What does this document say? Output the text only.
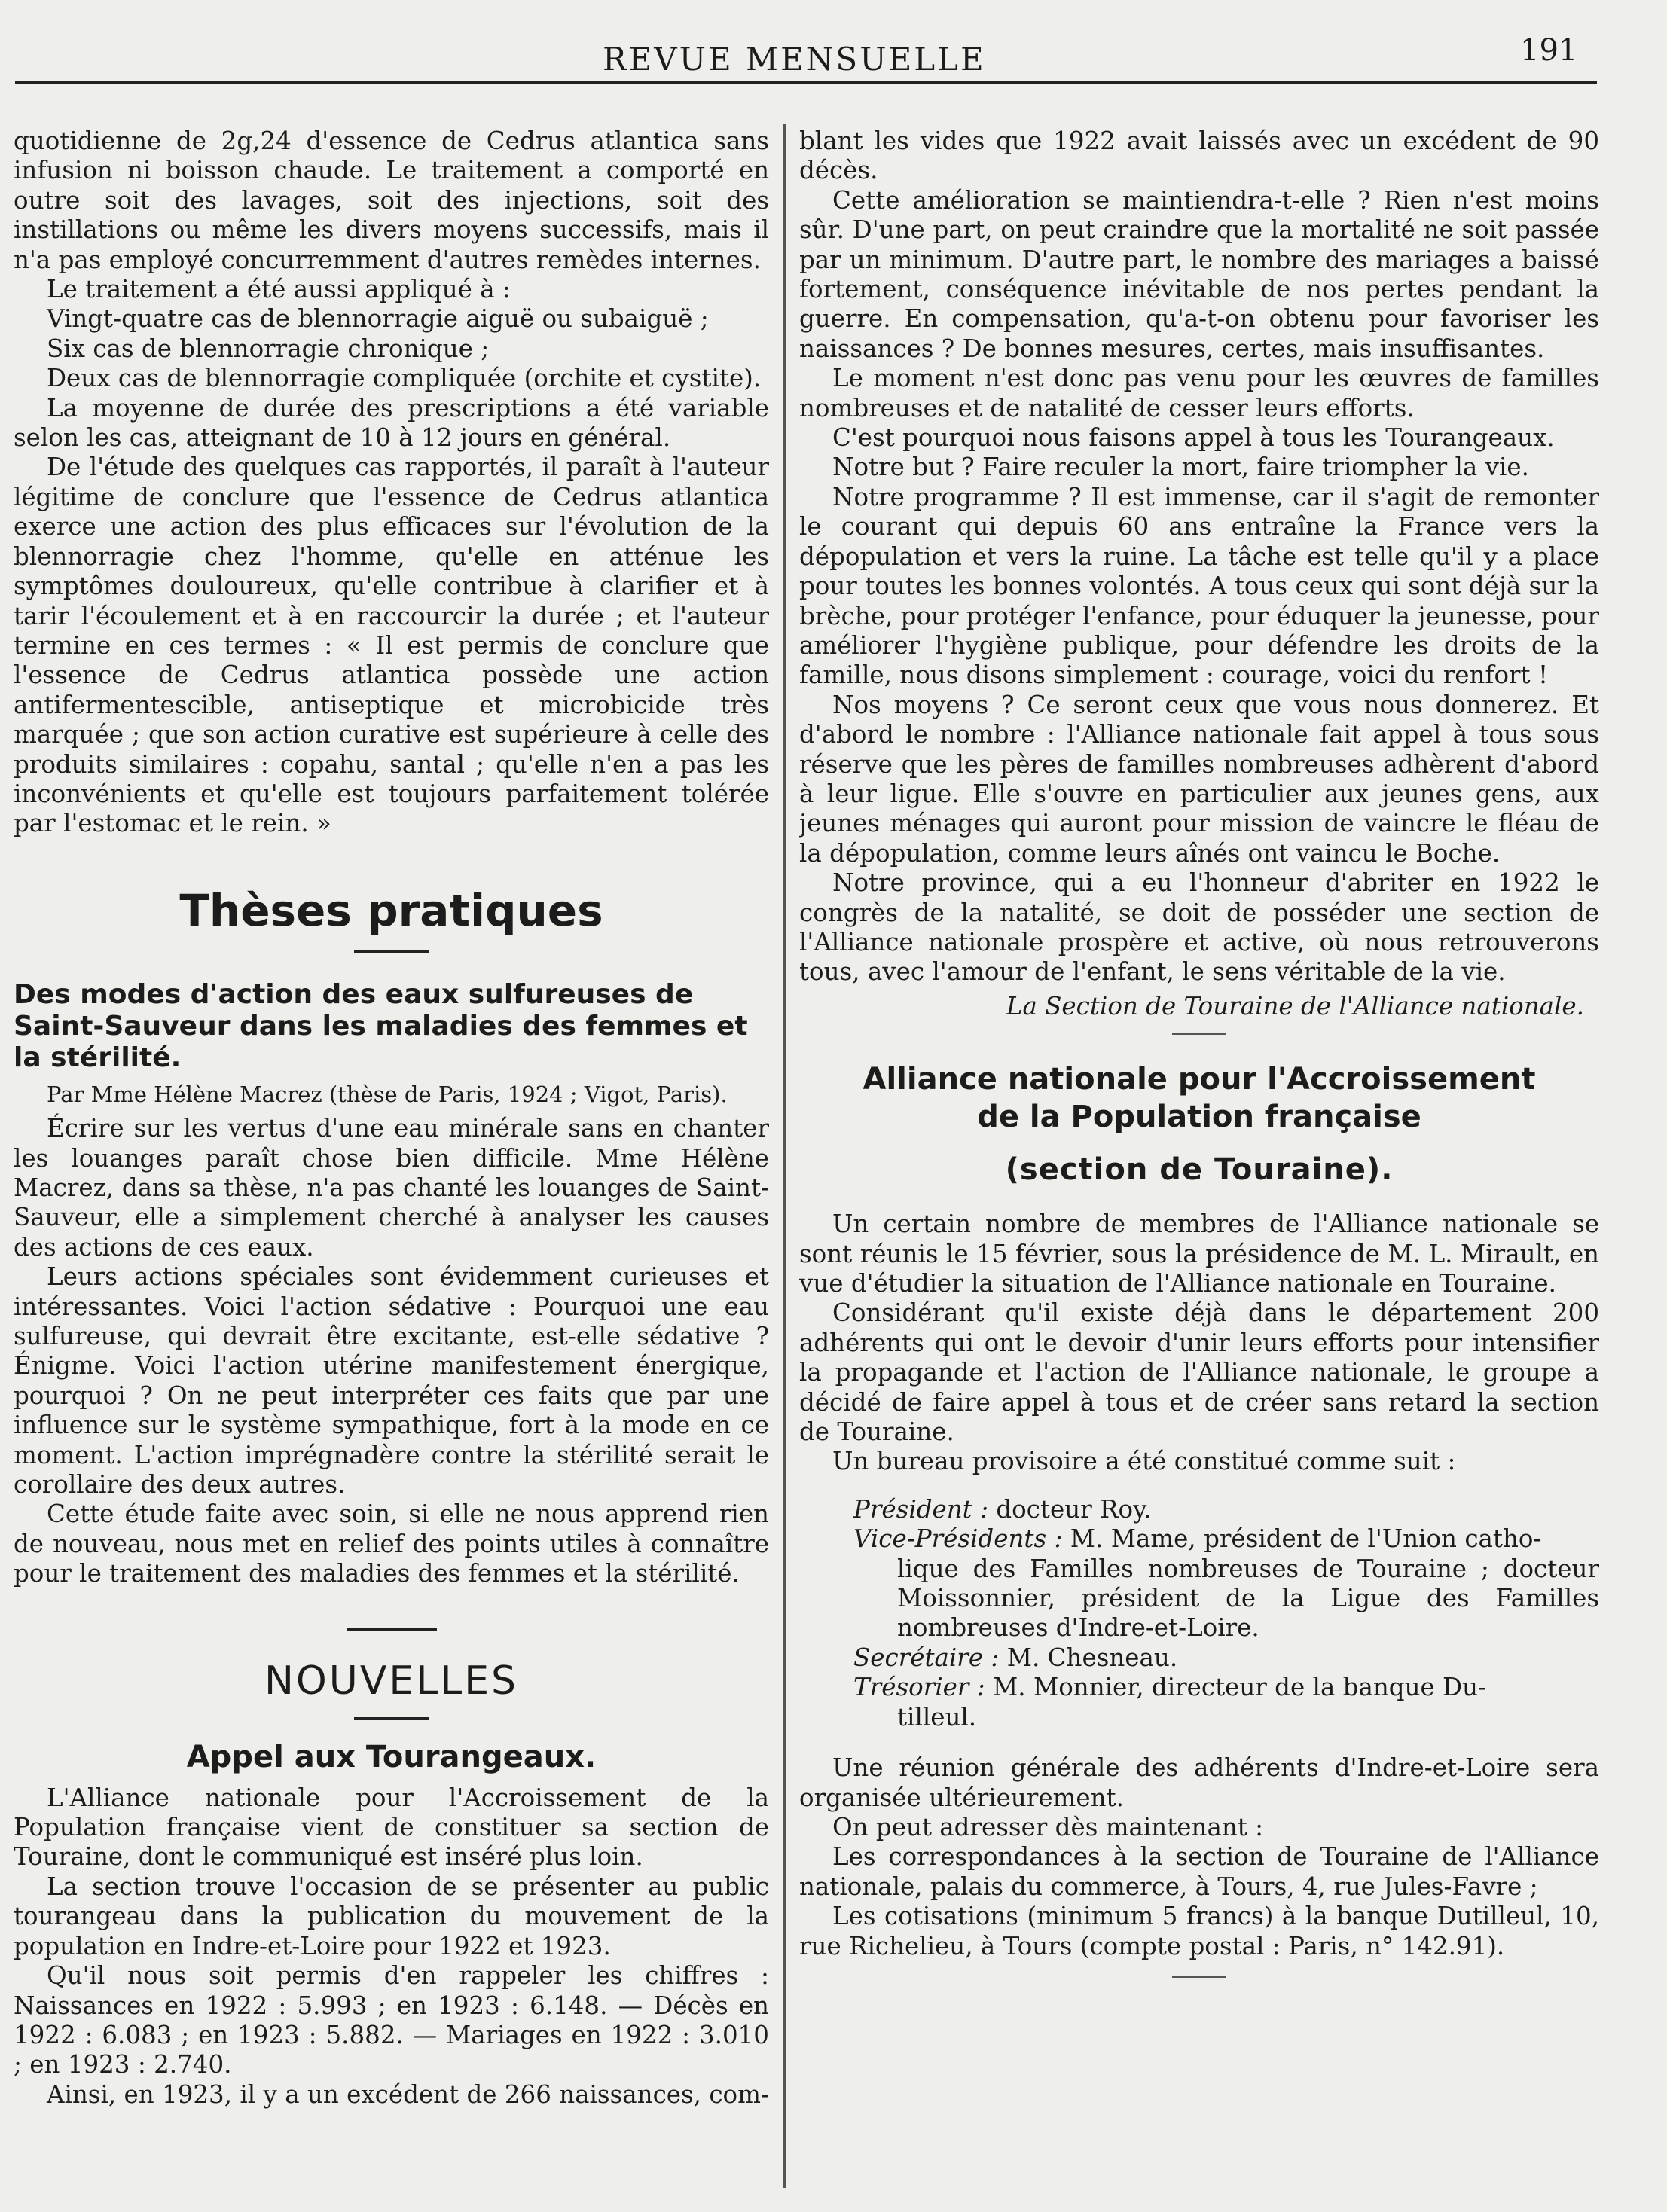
REVUE MENSUELLE	191

quotidienne de 2g,24 d'essence de Cedrus atlantica sans infusion ni boisson chaude. Le traitement a comporté en outre soit des lavages, soit des injections, soit des instillations ou même les divers moyens successifs, mais il n'a pas employé concurremment d'autres remèdes internes.

Le traitement a été aussi appliqué à :

Vingt-quatre cas de blennorragie aiguë ou subaiguë ;

Six cas de blennorragie chronique ;

Deux cas de blennorragie compliquée (orchite et cystite).

La moyenne de durée des prescriptions a été variable selon les cas, atteignant de 10 à 12 jours en général.

De l'étude des quelques cas rapportés, il paraît à l'auteur légitime de conclure que l'essence de Cedrus atlantica exerce une action des plus efficaces sur l'évolution de la blennorragie chez l'homme, qu'elle en atténue les symptômes douloureux, qu'elle contribue à clarifier et à tarir l'écoulement et à en raccourcir la durée ; et l'auteur termine en ces termes : « Il est permis de conclure que l'essence de Cedrus atlantica possède une action antifermentescible, antiseptique et microbicide très marquée ; que son action curative est supérieure à celle des produits similaires : copahu, santal ; qu'elle n'en a pas les inconvénients et qu'elle est toujours parfaitement tolérée par l'estomac et le rein. »

Thèses pratiques

Des modes d'action des eaux sulfureuses de Saint-Sauveur dans les maladies des femmes et la stérilité.

Par Mme Hélène Macrez (thèse de Paris, 1924 ; Vigot, Paris).

Écrire sur les vertus d'une eau minérale sans en chanter les louanges paraît chose bien difficile. Mme Hélène Macrez, dans sa thèse, n'a pas chanté les louanges de Saint-Sauveur, elle a simplement cherché à analyser les causes des actions de ces eaux.

Leurs actions spéciales sont évidemment curieuses et intéressantes. Voici l'action sédative : Pourquoi une eau sulfureuse, qui devrait être excitante, est-elle sédative ? Énigme. Voici l'action utérine manifestement énergique, pourquoi ? On ne peut interpréter ces faits que par une influence sur le système sympathique, fort à la mode en ce moment. L'action imprégnadère contre la stérilité serait le corollaire des deux autres.

Cette étude faite avec soin, si elle ne nous apprend rien de nouveau, nous met en relief des points utiles à connaître pour le traitement des maladies des femmes et la stérilité.

NOUVELLES
Appel aux Tourangeaux.

L'Alliance nationale pour l'Accroissement de la Population française vient de constituer sa section de Touraine, dont le communiqué est inséré plus loin.

La section trouve l'occasion de se présenter au public tourangeau dans la publication du mouvement de la population en Indre-et-Loire pour 1922 et 1923.

Qu'il nous soit permis d'en rappeler les chiffres : Naissances en 1922 : 5.993 ; en 1923 : 6.148. — Décès en 1922 : 6.083 ; en 1923 : 5.882. — Mariages en 1922 : 3.010 ; en 1923 : 2.740.

Ainsi, en 1923, il y a un excédent de 266 naissances, com-

blant les vides que 1922 avait laissés avec un excédent de 90 décès.

Cette amélioration se maintiendra-t-elle ? Rien n'est moins sûr. D'une part, on peut craindre que la mortalité ne soit passée par un minimum. D'autre part, le nombre des mariages a baissé fortement, conséquence inévitable de nos pertes pendant la guerre. En compensation, qu'a-t-on obtenu pour favoriser les naissances ? De bonnes mesures, certes, mais insuffisantes.

Le moment n'est donc pas venu pour les œuvres de familles nombreuses et de natalité de cesser leurs efforts.

C'est pourquoi nous faisons appel à tous les Tourangeaux.

Notre but ? Faire reculer la mort, faire triompher la vie.

Notre programme ? Il est immense, car il s'agit de remonter le courant qui depuis 60 ans entraîne la France vers la dépopulation et vers la ruine. La tâche est telle qu'il y a place pour toutes les bonnes volontés. A tous ceux qui sont déjà sur la brèche, pour protéger l'enfance, pour éduquer la jeunesse, pour améliorer l'hygiène publique, pour défendre les droits de la famille, nous disons simplement : courage, voici du renfort !

Nos moyens ? Ce seront ceux que vous nous donnerez. Et d'abord le nombre : l'Alliance nationale fait appel à tous sous réserve que les pères de familles nombreuses adhèrent d'abord à leur ligue. Elle s'ouvre en particulier aux jeunes gens, aux jeunes ménages qui auront pour mission de vaincre le fléau de la dépopulation, comme leurs aînés ont vaincu le Boche.

Notre province, qui a eu l'honneur d'abriter en 1922 le congrès de la natalité, se doit de posséder une section de l'Alliance nationale prospère et active, où nous retrouverons tous, avec l'amour de l'enfant, le sens véritable de la vie.

La Section de Touraine de l'Alliance nationale.

Alliance nationale pour l'Accroissement
de la Population française
(section de Touraine).

Un certain nombre de membres de l'Alliance nationale se sont réunis le 15 février, sous la présidence de M. L. Mirault, en vue d'étudier la situation de l'Alliance nationale en Touraine.

Considérant qu'il existe déjà dans le département 200 adhérents qui ont le devoir d'unir leurs efforts pour intensifier la propagande et l'action de l'Alliance nationale, le groupe a décidé de faire appel à tous et de créer sans retard la section de Touraine.

Un bureau provisoire a été constitué comme suit :

Président : docteur Roy.

Vice-Présidents : M. Mame, président de l'Union catho-

lique des Familles nombreuses de Touraine ; docteur Moissonnier, président de la Ligue des Familles nombreuses d'Indre-et-Loire.

Secrétaire : M. Chesneau.

Trésorier : M. Monnier, directeur de la banque Du-

tilleul.

Une réunion générale des adhérents d'Indre-et-Loire sera organisée ultérieurement.

On peut adresser dès maintenant :

Les correspondances à la section de Touraine de l'Alliance nationale, palais du commerce, à Tours, 4, rue Jules-Favre ;

Les cotisations (minimum 5 francs) à la banque Dutilleul, 10, rue Richelieu, à Tours (compte postal : Paris, n° 142.91).
